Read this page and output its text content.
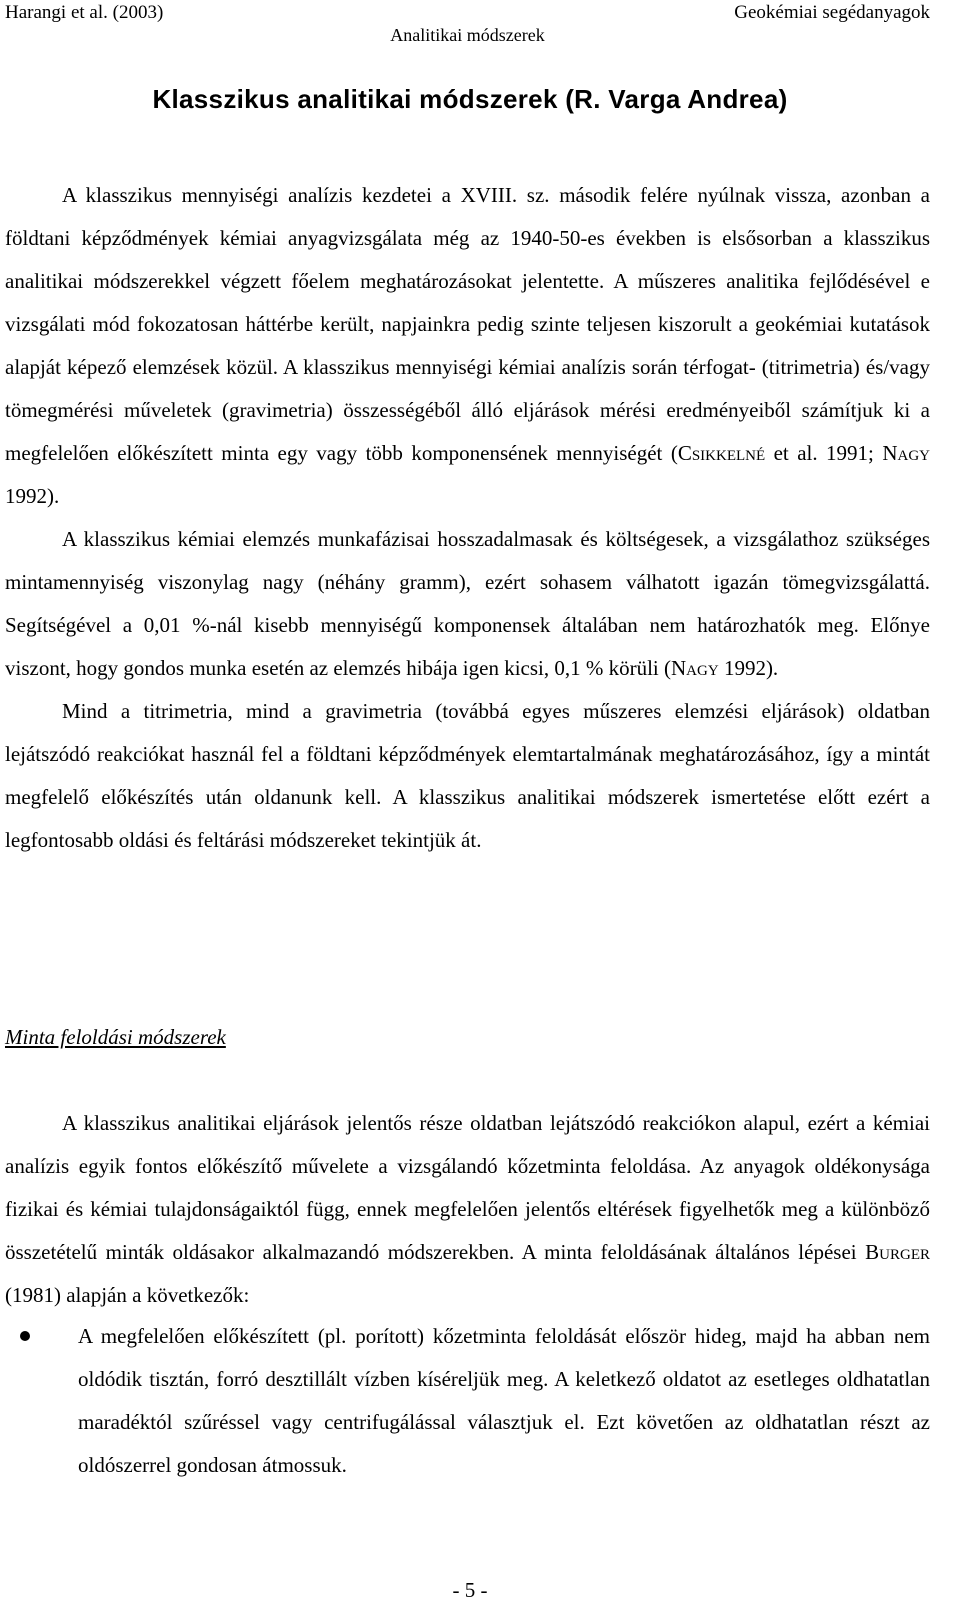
Harangi et al. (2003)	Geokémiai segédanyagok
Analitikai módszerek
Klasszikus analitikai módszerek (R. Varga Andrea)

A klasszikus mennyiségi analízis kezdetei a XVIII. sz. második felére nyúlnak vissza, azonban a földtani képződmények kémiai anyagvizsgálata még az 1940-50-es években is elsősorban a klasszikus analitikai módszerekkel végzett főelem meghatározásokat jelentette. A műszeres analitika fejlődésével e vizsgálati mód fokozatosan háttérbe került, napjainkra pedig szinte teljesen kiszorult a geokémiai kutatások alapját képező elemzések közül. A klasszikus mennyiségi kémiai analízis során térfogat- (titrimetria) és/vagy tömegmérési műveletek (gravimetria) összességéből álló eljárások mérési eredményeiből számítjuk ki a megfelelően előkészített minta egy vagy több komponensének mennyiségét (Csikkelné et al. 1991; Nagy 1992).

A klasszikus kémiai elemzés munkafázisai hosszadalmasak és költségesek, a vizsgálathoz szükséges mintamennyiség viszonylag nagy (néhány gramm), ezért sohasem válhatott igazán tömegvizsgálattá. Segítségével a 0,01 %-nál kisebb mennyiségű komponensek általában nem határozhatók meg. Előnye viszont, hogy gondos munka esetén az elemzés hibája igen kicsi, 0,1 % körüli (Nagy 1992).

Mind a titrimetria, mind a gravimetria (továbbá egyes műszeres elemzési eljárások) oldatban lejátszódó reakciókat használ fel a földtani képződmények elemtartalmának meghatározásához, így a mintát megfelelő előkészítés után oldanunk kell. A klasszikus analitikai módszerek ismertetése előtt ezért a legfontosabb oldási és feltárási módszereket tekintjük át.

Minta feloldási módszerek

A klasszikus analitikai eljárások jelentős része oldatban lejátszódó reakciókon alapul, ezért a kémiai analízis egyik fontos előkészítő művelete a vizsgálandó kőzetminta feloldása. Az anyagok oldékonysága fizikai és kémiai tulajdonságaiktól függ, ennek megfelelően jelentős eltérések figyelhetők meg a különböző összetételű minták oldásakor alkalmazandó módszerekben. A minta feloldásának általános lépései Burger (1981) alapján a következők:

A megfelelően előkészített (pl. porított) kőzetminta feloldását először hideg, majd ha abban nem oldódik tisztán, forró desztillált vízben kíséreljük meg. A keletkező oldatot az esetleges oldhatatlan maradéktól szűréssel vagy centrifugálással választjuk el. Ezt követően az oldhatatlan részt az oldószerrel gondosan átmossuk.
- 5 -
